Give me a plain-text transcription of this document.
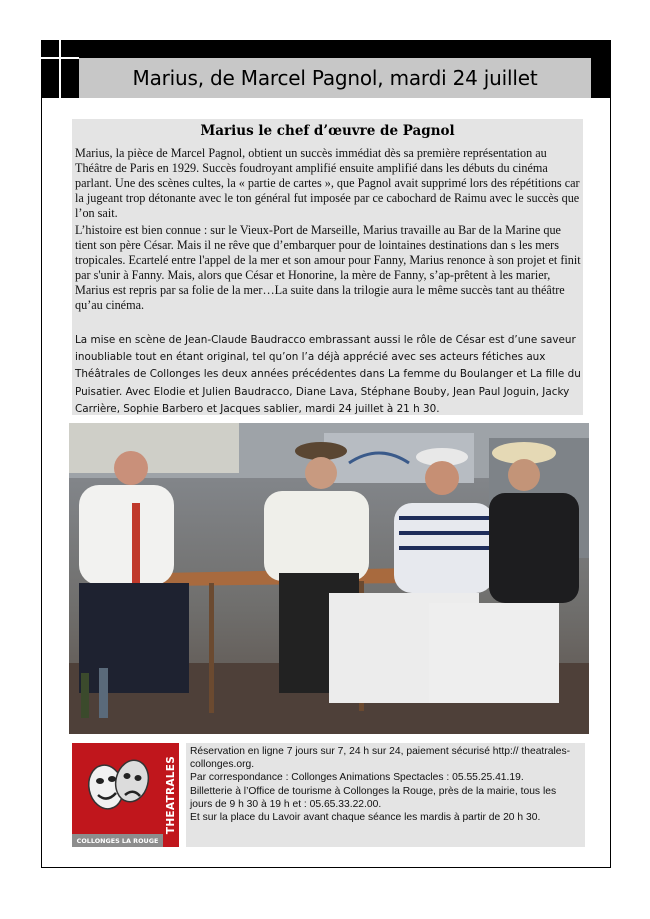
Marius, de Marcel Pagnol, mardi 24 juillet
Marius le chef d’œuvre de Pagnol

Marius, la pièce de Marcel Pagnol, obtient un succès immédiat dès sa première représentation au Théâtre de Paris en 1929. Succès foudroyant amplifié ensuite amplifié dans les débuts du cinéma parlant. Une des scènes cultes, la « partie de cartes », que Pagnol avait supprimé lors des répétitions car la jugeant trop détonante avec le ton général fut imposée par ce cabochard de Raimu avec le succès que l’on sait.

L’histoire est bien connue : sur le Vieux-Port de Marseille, Marius travaille au Bar de la Marine que tient son père César. Mais il ne rêve que d’embarquer pour de lointaines destinations dan s les mers tropicales. Ecartelé entre l'appel de la mer et son amour pour Fanny, Marius renonce à son projet et finit par s'unir à Fanny. Mais, alors que César et Honorine, la mère de Fanny, s’ap-prêtent à les marier, Marius est repris par sa folie de la mer…La suite dans la trilogie aura le même succès tant au théâtre qu’au cinéma.

La mise en scène de Jean-Claude Baudracco embrassant aussi le rôle de César est d’une saveur inoubliable tout en étant original, tel qu’on l’a déjà apprécié avec ses acteurs fétiches aux Théâtrales de Collonges les deux années précédentes dans La femme du Boulanger et La fille du Puisatier. Avec Elodie et Julien Baudracco, Diane Lava, Stéphane Bouby, Jean Paul Joguin, Jacky Carrière, Sophie Barbero et Jacques sablier, mardi 24 juillet à 21 h 30.

THEATRALES
COLLONGES LA ROUGE

Réservation en ligne 7 jours sur 7, 24 h sur 24, paiement sécurisé http:// theatrales-collonges.org.

Par correspondance : Collonges Animations Spectacles : 05.55.25.41.19.

Billetterie à l’Office de tourisme à Collonges la Rouge, près de la mairie, tous les jours de 9 h 30 à 19 h et : 05.65.33.22.00.

Et sur la place du Lavoir avant chaque séance les mardis à partir de 20 h 30.
